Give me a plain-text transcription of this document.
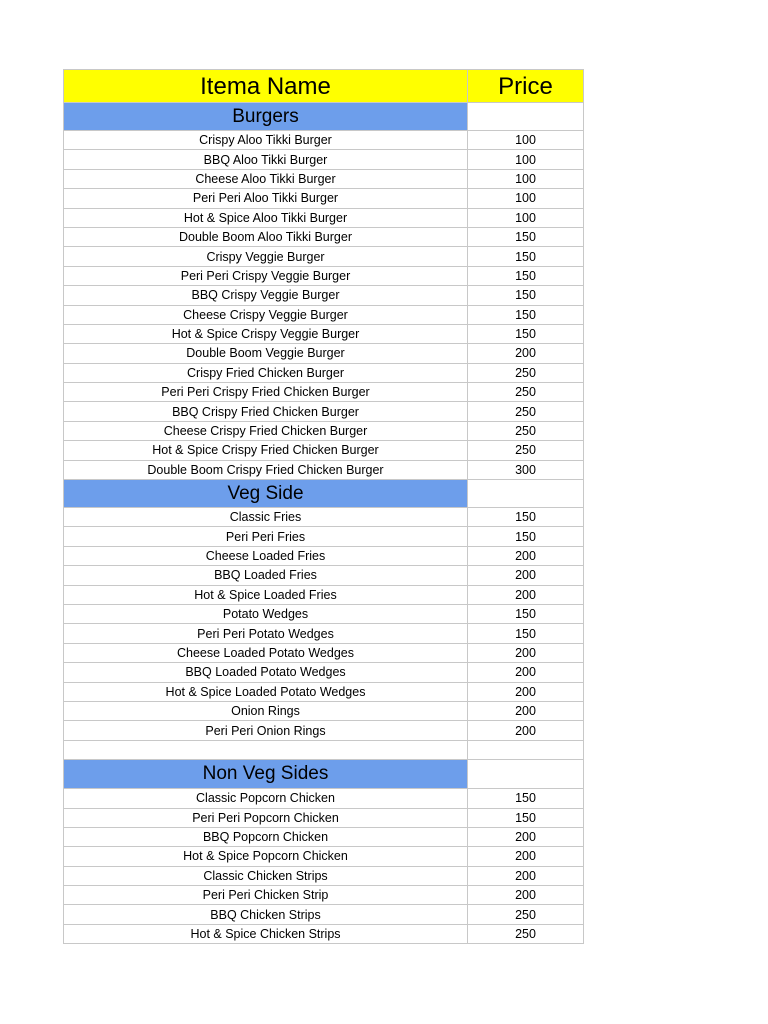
Itema Name	Price
Burgers	
Crispy Aloo Tikki Burger	100
BBQ Aloo Tikki Burger	100
Cheese Aloo Tikki Burger	100
Peri Peri Aloo Tikki Burger	100
Hot & Spice Aloo Tikki Burger	100
Double Boom Aloo Tikki Burger	150
Crispy Veggie Burger	150
Peri Peri Crispy Veggie Burger	150
BBQ Crispy Veggie Burger	150
Cheese Crispy Veggie Burger	150
Hot & Spice Crispy Veggie Burger	150
Double Boom Veggie Burger	200
Crispy Fried Chicken Burger	250
Peri Peri Crispy Fried Chicken Burger	250
BBQ Crispy Fried Chicken Burger	250
Cheese Crispy Fried Chicken Burger	250
Hot & Spice Crispy Fried Chicken Burger	250
Double Boom Crispy Fried Chicken Burger	300
Veg Side	
Classic Fries	150
Peri Peri Fries	150
Cheese Loaded Fries	200
BBQ Loaded Fries	200
Hot & Spice Loaded Fries	200
Potato Wedges	150
Peri Peri Potato Wedges	150
Cheese Loaded Potato Wedges	200
BBQ Loaded Potato Wedges	200
Hot & Spice Loaded Potato Wedges	200
Onion Rings	200
Peri Peri Onion Rings	200

Non Veg Sides	
Classic Popcorn Chicken	150
Peri Peri Popcorn Chicken	150
BBQ Popcorn Chicken	200
Hot & Spice Popcorn Chicken	200
Classic Chicken Strips	200
Peri Peri Chicken Strip	200
BBQ Chicken Strips	250
Hot & Spice Chicken Strips	250
